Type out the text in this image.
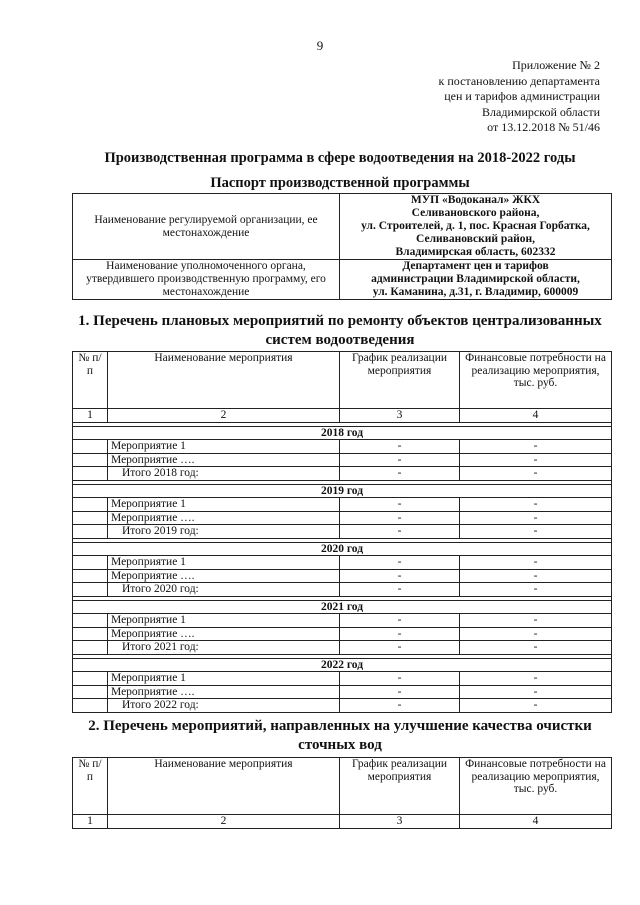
9
Приложение № 2
к постановлению департамента
цен и тарифов администрации
Владимирской области
от 13.12.2018 № 51/46
Производственная программа в сфере водоотведения на 2018-2022 годы
Паспорт производственной программы
Наименование регулируемой организации, ее местонахождение	МУП «Водоканал» ЖКХ
Селивановского района,
ул. Строителей, д. 1, пос. Красная Горбатка,
Селивановский район,
Владимирская область, 602332

Наименование уполномоченного органа, утвердившего производственную программу, его местонахождение	Департамент цен и тарифов
администрации Владимирской области,
ул. Каманина, д.31, г. Владимир, 600009
1. Перечень плановых мероприятий по ремонту объектов централизованных
систем водоотведения
№ п/п	Наименование мероприятия	График реализации мероприятия	Финансовые потребности на реализацию мероприятия, тыс. руб.
1	2	3	4

2018 год			
	Мероприятие 1	-	-
	Мероприятие ….	-	-
	Итого 2018 год:	-	-

2019 год			
	Мероприятие 1	-	-
	Мероприятие ….	-	-
	Итого 2019 год:	-	-

2020 год			
	Мероприятие 1	-	-
	Мероприятие ….	-	-
	Итого 2020 год:	-	-

2021 год			
	Мероприятие 1	-	-
	Мероприятие ….	-	-
	Итого 2021 год:	-	-

2022 год			
	Мероприятие 1	-	-
	Мероприятие ….	-	-
	Итого 2022 год:	-	-
2. Перечень мероприятий, направленных на улучшение качества очистки
сточных вод
№ п/п	Наименование мероприятия	График реализации мероприятия	Финансовые потребности на реализацию мероприятия, тыс. руб.
1	2	3	4
